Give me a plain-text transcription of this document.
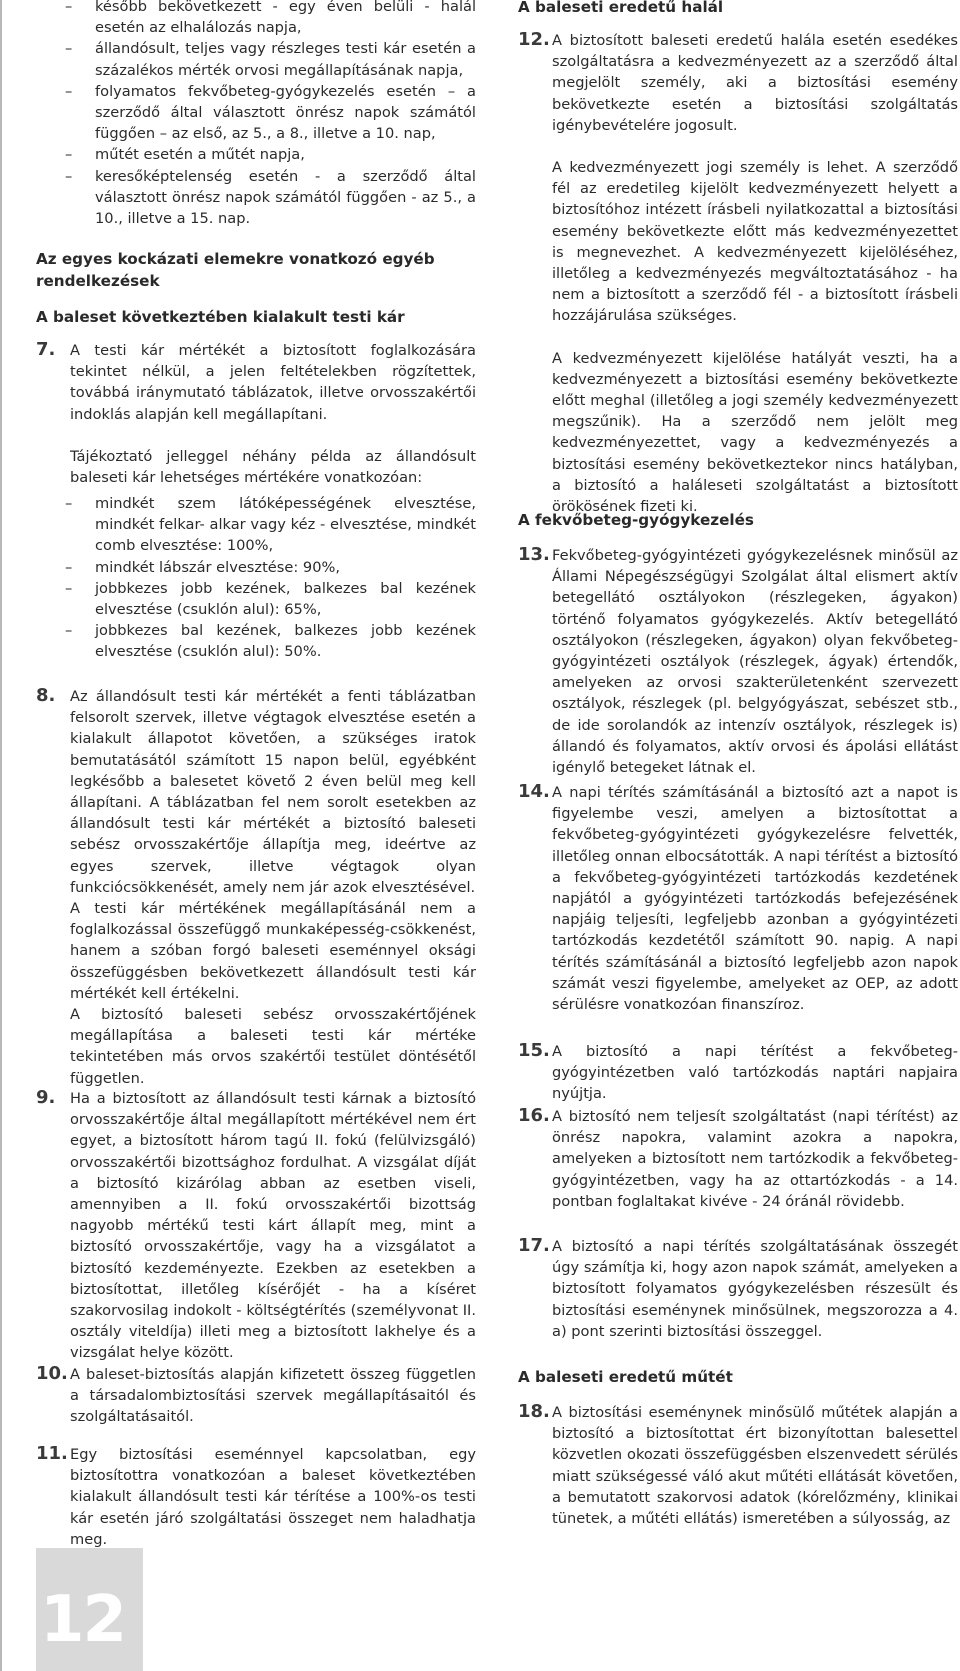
– később bekövetkezett - egy éven belüli - halál esetén az elhalálozás napja,
– állandósult, teljes vagy részleges testi kár esetén a százalékos mérték orvosi megállapításának napja,
– folyamatos fekvőbeteg-gyógykezelés esetén – a szerződő által választott önrész napok számától függően – az első, az 5., a 8., illetve a 10. nap,
– műtét esetén a műtét napja,
– keresőképtelenség esetén - a szerződő által választott önrész napok számától függően - az 5., a 10., illetve a 15. nap.
Az egyes kockázati elemekre vonatkozó egyéb rendelkezések
A baleset következtében kialakult testi kár
7. A testi kár mértékét a biztosított foglalkozására tekintet nélkül, a jelen feltételekben rögzítettek, továbbá iránymutató táblázatok, illetve orvosszakértői indoklás alapján kell megállapítani.

Tájékoztató jelleggel néhány példa az állandósult baleseti kár lehetséges mértékére vonatkozóan:

– mindkét szem látóképességének elvesztése, mindkét felkar- alkar vagy kéz - elvesztése, mindkét comb elvesztése: 100%,
– mindkét lábszár elvesztése: 90%,
– jobbkezes jobb kezének, balkezes bal kezének elvesztése (csuklón alul): 65%,
– jobbkezes bal kezének, balkezes jobb kezének elvesztése (csuklón alul): 50%.
8. Az állandósult testi kár mértékét a fenti táblázatban felsorolt szervek, illetve végtagok elvesztése esetén a kialakult állapotot követően, a szükséges iratok bemutatásától számított 15 napon belül, egyébként legkésőbb a balesetet követő 2 éven belül meg kell állapítani. A táblázatban fel nem sorolt esetekben az állandósult testi kár mértékét a biztosító baleseti sebész orvosszakértője állapítja meg, ideértve az egyes szervek, illetve végtagok olyan funkciócsökkenését, amely nem jár azok elvesztésével.

A testi kár mértékének megállapításánál nem a foglalkozással összefüggő munkaképesség-csökkenést, hanem a szóban forgó baleseti eseménnyel oksági összefüggésben bekövetkezett állandósult testi kár mértékét kell értékelni.

A biztosító baleseti sebész orvosszakértőjének megállapítása a baleseti testi kár mértéke tekintetében más orvos szakértői testület döntésétől független.

9. Ha a biztosított az állandósult testi kárnak a biztosító orvosszakértője által megállapított mértékével nem ért egyet, a biztosított három tagú II. fokú (felülvizsgáló) orvosszakértői bizottsághoz fordulhat. A vizsgálat díját a biztosító kizárólag abban az esetben viseli, amennyiben a II. fokú orvosszakértői bizottság nagyobb mértékű testi kárt állapít meg, mint a biztosító orvosszakértője, vagy ha a vizsgálatot a biztosító kezdeményezte. Ezekben az esetekben a biztosítottat, illetőleg kísérőjét - ha a kíséret szakorvosilag indokolt - költségtérítés (személyvonat II. osztály viteldíja) illeti meg a biztosított lakhelye és a vizsgálat helye között.

10. A baleset-biztosítás alapján kifizetett összeg független a társadalombiztosítási szervek megállapításaitól és szolgáltatásaitól.

11. Egy biztosítási eseménnyel kapcsolatban, egy biztosítottra vonatkozóan a baleset következtében kialakult állandósult testi kár térítése a 100%-os testi kár esetén járó szolgáltatási összeget nem haladhatja meg.

A baleseti eredetű halál
12. A biztosított baleseti eredetű halála esetén esedékes szolgáltatásra a kedvezményezett az a szerződő által megjelölt személy, aki a biztosítási esemény bekövetkezte esetén a biztosítási szolgáltatás igénybevételére jogosult.

A kedvezményezett jogi személy is lehet. A szerződő fél az eredetileg kijelölt kedvezményezett helyett a biztosítóhoz intézett írásbeli nyilatkozattal a biztosítási esemény bekövetkezte előtt más kedvezményezettet is megnevezhet. A kedvezményezett kijelöléséhez, illetőleg a kedvezményezés megváltoztatásához - ha nem a biztosított a szerződő fél - a biztosított írásbeli hozzájárulása szükséges.

A kedvezményezett kijelölése hatályát veszti, ha a kedvezményezett a biztosítási esemény bekövetkezte előtt meghal (illetőleg a jogi személy kedvezményezett megszűnik). Ha a szerződő nem jelölt meg kedvezményezettet, vagy a kedvezményezés a biztosítási esemény bekövetkeztekor nincs hatályban, a biztosító a haláleseti szolgáltatást a biztosított örökösének fizeti ki.

A fekvőbeteg-gyógykezelés
13. Fekvőbeteg-gyógyintézeti gyógykezelésnek minősül az Állami Népegészségügyi Szolgálat által elismert aktív betegellátó osztályokon (részlegeken, ágyakon) történő folyamatos gyógykezelés. Aktív betegellátó osztályokon (részlegeken, ágyakon) olyan fekvőbeteg-gyógyintézeti osztályok (részlegek, ágyak) értendők, amelyeken az orvosi szakterületenként szervezett osztályok, részlegek (pl. belgyógyászat, sebészet stb., de ide sorolandók az intenzív osztályok, részlegek is) állandó és folyamatos, aktív orvosi és ápolási ellátást igénylő betegeket látnak el.

14. A napi térítés számításánál a biztosító azt a napot is figyelembe veszi, amelyen a biztosítottat a fekvőbeteg-gyógyintézeti gyógykezelésre felvették, illetőleg onnan elbocsátották. A napi térítést a biztosító a fekvőbeteg-gyógyintézeti tartózkodás kezdetének napjától a gyógyintézeti tartózkodás befejezésének napjáig teljesíti, legfeljebb azonban a gyógyintézeti tartózkodás kezdetétől számított 90. napig. A napi térítés számításánál a biztosító legfeljebb azon napok számát veszi figyelembe, amelyeket az OEP, az adott sérülésre vonatkozóan finanszíroz.

15. A biztosító a napi térítést a fekvőbeteg-gyógyintézetben való tartózkodás naptári napjaira nyújtja.

16. A biztosító nem teljesít szolgáltatást (napi térítést) az önrész napokra, valamint azokra a napokra, amelyeken a biztosított nem tartózkodik a fekvőbeteg-gyógyintézetben, vagy ha az ottartózkodás - a 14. pontban foglaltakat kivéve - 24 óránál rövidebb.

17. A biztosító a napi térítés szolgáltatásának összegét úgy számítja ki, hogy azon napok számát, amelyeken a biztosított folyamatos gyógykezelésben részesült és biztosítási eseménynek minősülnek, megszorozza a 4. a) pont szerinti biztosítási összeggel.

A baleseti eredetű műtét
18. A biztosítási eseménynek minősülő műtétek alapján a biztosító a biztosítottat ért bizonyítottan balesettel közvetlen okozati összefüggésben elszenvedett sérülés miatt szükségessé váló akut műtéti ellátását követően, a bemutatott szakorvosi adatok (kórelőzmény, klinikai tünetek, a műtéti ellátás) ismeretében a súlyosság, az

12
